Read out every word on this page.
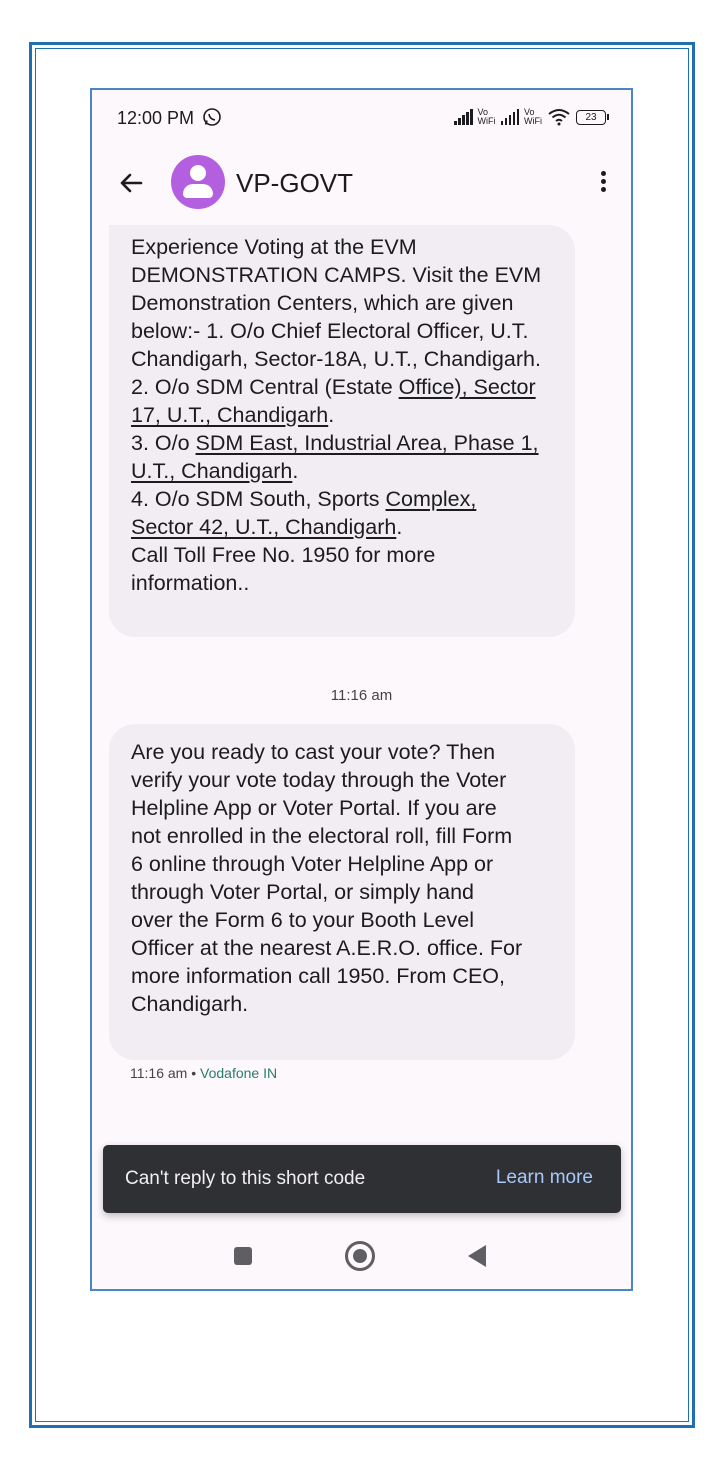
12:00 PM	Vo
WiFi
Vo
WiFi	23
VP-GOVT
Experience Voting at the EVM
DEMONSTRATION CAMPS. Visit the EVM
Demonstration Centers, which are given
below:- 1. O/o Chief Electoral Officer, U.T.
Chandigarh, Sector-18A, U.T., Chandigarh.
2. O/o SDM Central (Estate Office), Sector
17, U.T., Chandigarh.
3. O/o SDM East, Industrial Area, Phase 1,
U.T., Chandigarh.
4. O/o SDM South, Sports Complex,
Sector 42, U.T., Chandigarh.
Call Toll Free No. 1950 for more
information..
11:16 am
Are you ready to cast your vote? Then
verify your vote today through the Voter
Helpline App or Voter Portal. If you are
not enrolled in the electoral roll, fill Form
6 online through Voter Helpline App or
through Voter Portal, or simply hand
over the Form 6 to your Booth Level
Officer at the nearest A.E.R.O. office. For
more information call 1950. From CEO,
Chandigarh.
11:16 am • Vodafone IN
Can't reply to this short code	Learn more
